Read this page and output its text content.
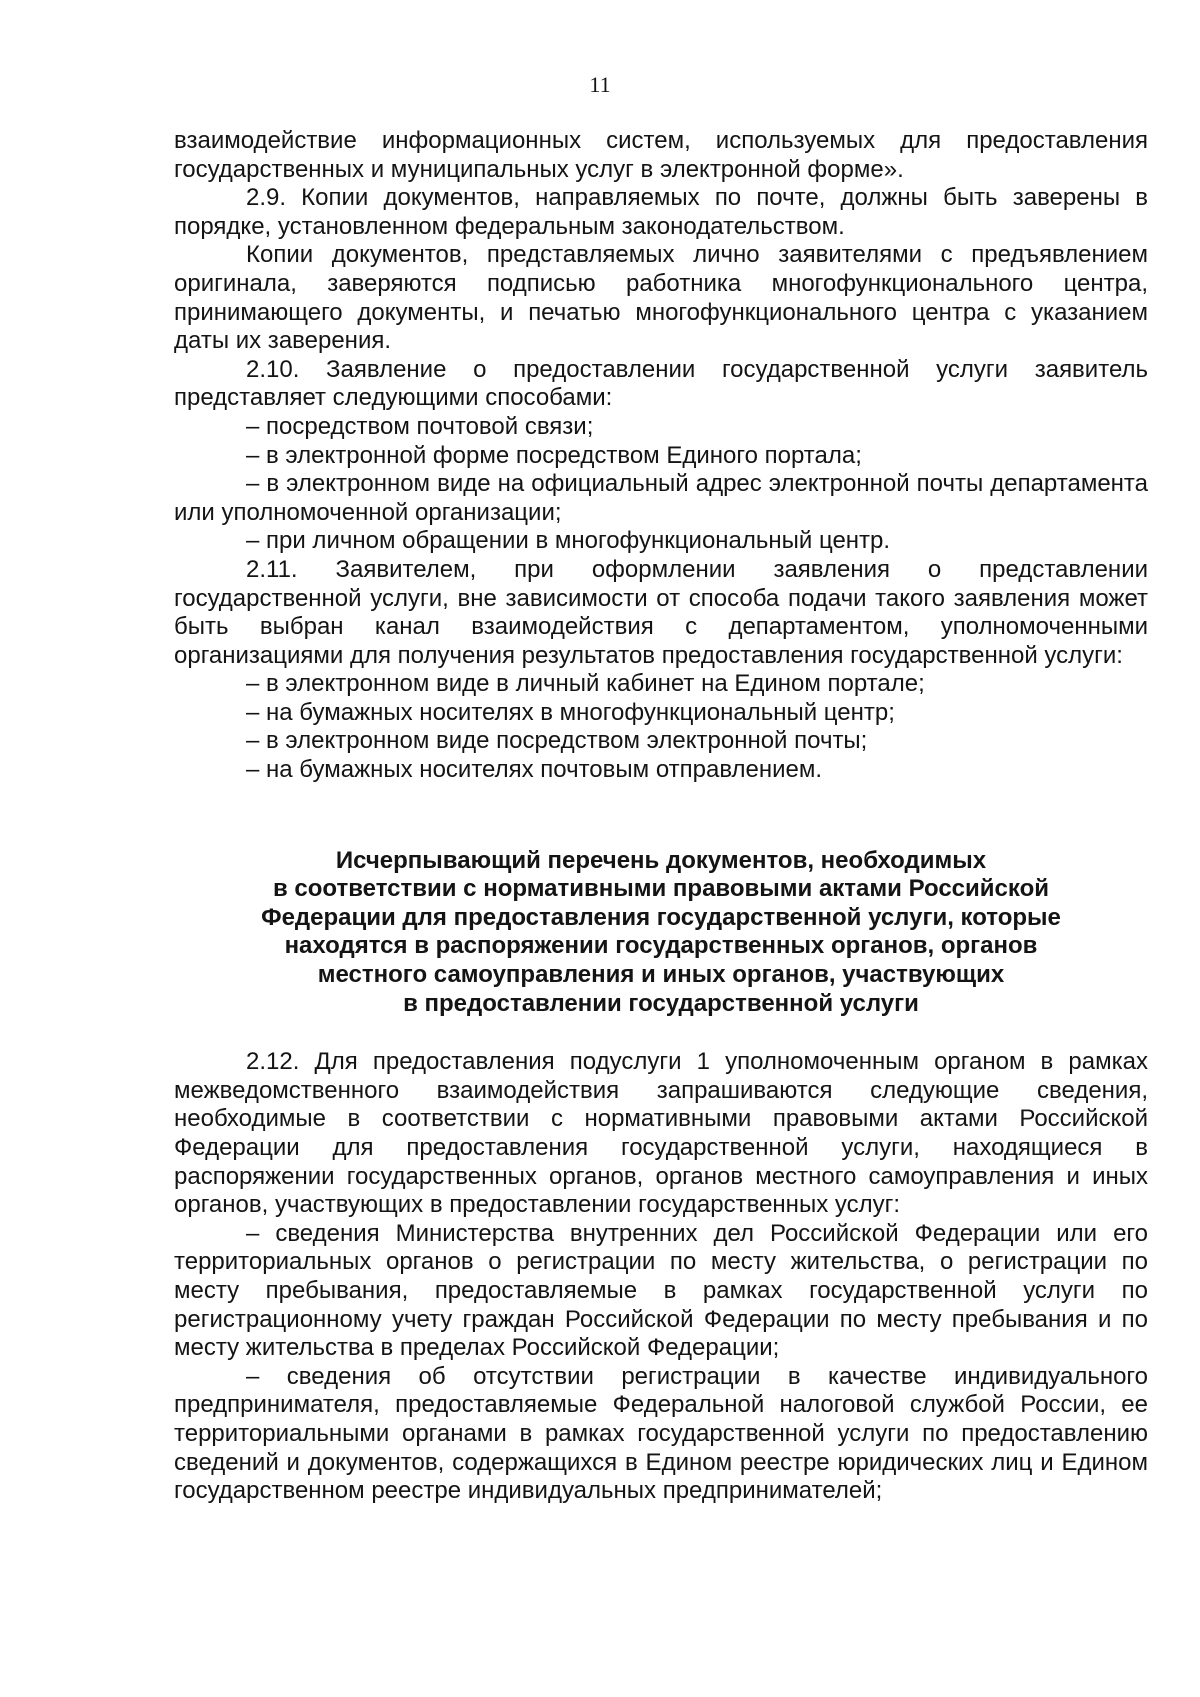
11

взаимодействие информационных систем, используемых для предоставления государственных и муниципальных услуг в электронной форме».

2.9. Копии документов, направляемых по почте, должны быть заверены в порядке, установленном федеральным законодательством.

Копии документов, представляемых лично заявителями с предъявлением оригинала, заверяются подписью работника многофункционального центра, принимающего документы, и печатью многофункционального центра с указанием даты их заверения.

2.10. Заявление о предоставлении государственной услуги заявитель представляет следующими способами:

– посредством почтовой связи;

– в электронной форме посредством Единого портала;

– в электронном виде на официальный адрес электронной почты департамента или уполномоченной организации;

– при личном обращении в многофункциональный центр.

2.11. Заявителем, при оформлении заявления о представлении государственной услуги, вне зависимости от способа подачи такого заявления может быть выбран канал взаимодействия с департаментом, уполномоченными организациями для получения результатов предоставления государственной услуги:

– в электронном виде в личный кабинет на Едином портале;

– на бумажных носителях в многофункциональный центр;

– в электронном виде посредством электронной почты;

– на бумажных носителях почтовым отправлением.

Исчерпывающий перечень документов, необходимых

в соответствии с нормативными правовыми актами Российской

Федерации для предоставления государственной услуги, которые

находятся в распоряжении государственных органов, органов

местного самоуправления и иных органов, участвующих

в предоставлении государственной услуги

2.12. Для предоставления подуслуги 1 уполномоченным органом в рамках межведомственного взаимодействия запрашиваются следующие сведения, необходимые в соответствии с нормативными правовыми актами Российской Федерации для предоставления государственной услуги, находящиеся в распоряжении государственных органов, органов местного самоуправления и иных органов, участвующих в предоставлении государственных услуг:

– сведения Министерства внутренних дел Российской Федерации или его территориальных органов о регистрации по месту жительства, о регистрации по месту пребывания, предоставляемые в рамках государственной услуги по регистрационному учету граждан Российской Федерации по месту пребывания и по месту жительства в пределах Российской Федерации;

– сведения об отсутствии регистрации в качестве индивидуального предпринимателя, предоставляемые Федеральной налоговой службой России, ее территориальными органами в рамках государственной услуги по предоставлению сведений и документов, содержащихся в Едином реестре юридических лиц и Едином государственном реестре индивидуальных предпринимателей;
